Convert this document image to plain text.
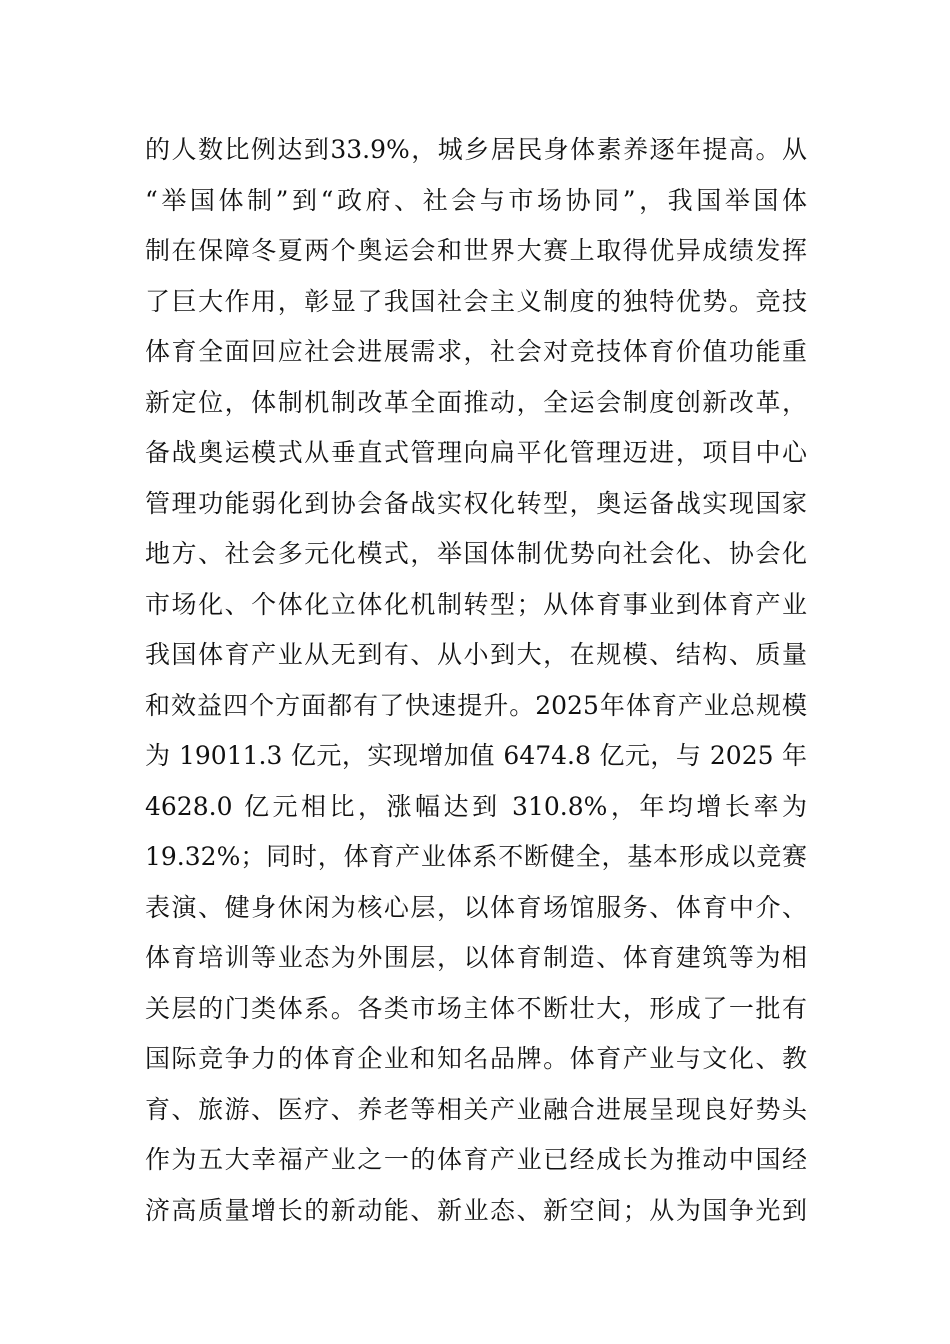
的人数比例达到33.9%，城乡居民身体素养逐年提高。从
“举国体制”到“政府、社会与市场协同”，我国举国体
制在保障冬夏两个奥运会和世界大赛上取得优异成绩发挥
了巨大作用，彰显了我国社会主义制度的独特优势。竞技
体育全面回应社会进展需求，社会对竞技体育价值功能重
新定位，体制机制改革全面推动，全运会制度创新改革，
备战奥运模式从垂直式管理向扁平化管理迈进，项目中心
管理功能弱化到协会备战实权化转型，奥运备战实现国家
地方、社会多元化模式，举国体制优势向社会化、协会化
市场化、个体化立体化机制转型；从体育事业到体育产业
我国体育产业从无到有、从小到大，在规模、结构、质量
和效益四个方面都有了快速提升。2025年体育产业总规模
为 19011.3 亿元，实现增加值 6474.8 亿元，与 2025 年
4628.0 亿元相比，涨幅达到 310.8%，年均增长率为
19.32%；同时，体育产业体系不断健全，基本形成以竞赛
表演、健身休闲为核心层，以体育场馆服务、体育中介、
体育培训等业态为外围层，以体育制造、体育建筑等为相
关层的门类体系。各类市场主体不断壮大，形成了一批有
国际竞争力的体育企业和知名品牌。体育产业与文化、教
育、旅游、医疗、养老等相关产业融合进展呈现良好势头
作为五大幸福产业之一的体育产业已经成长为推动中国经
济高质量增长的新动能、新业态、新空间；从为国争光到
